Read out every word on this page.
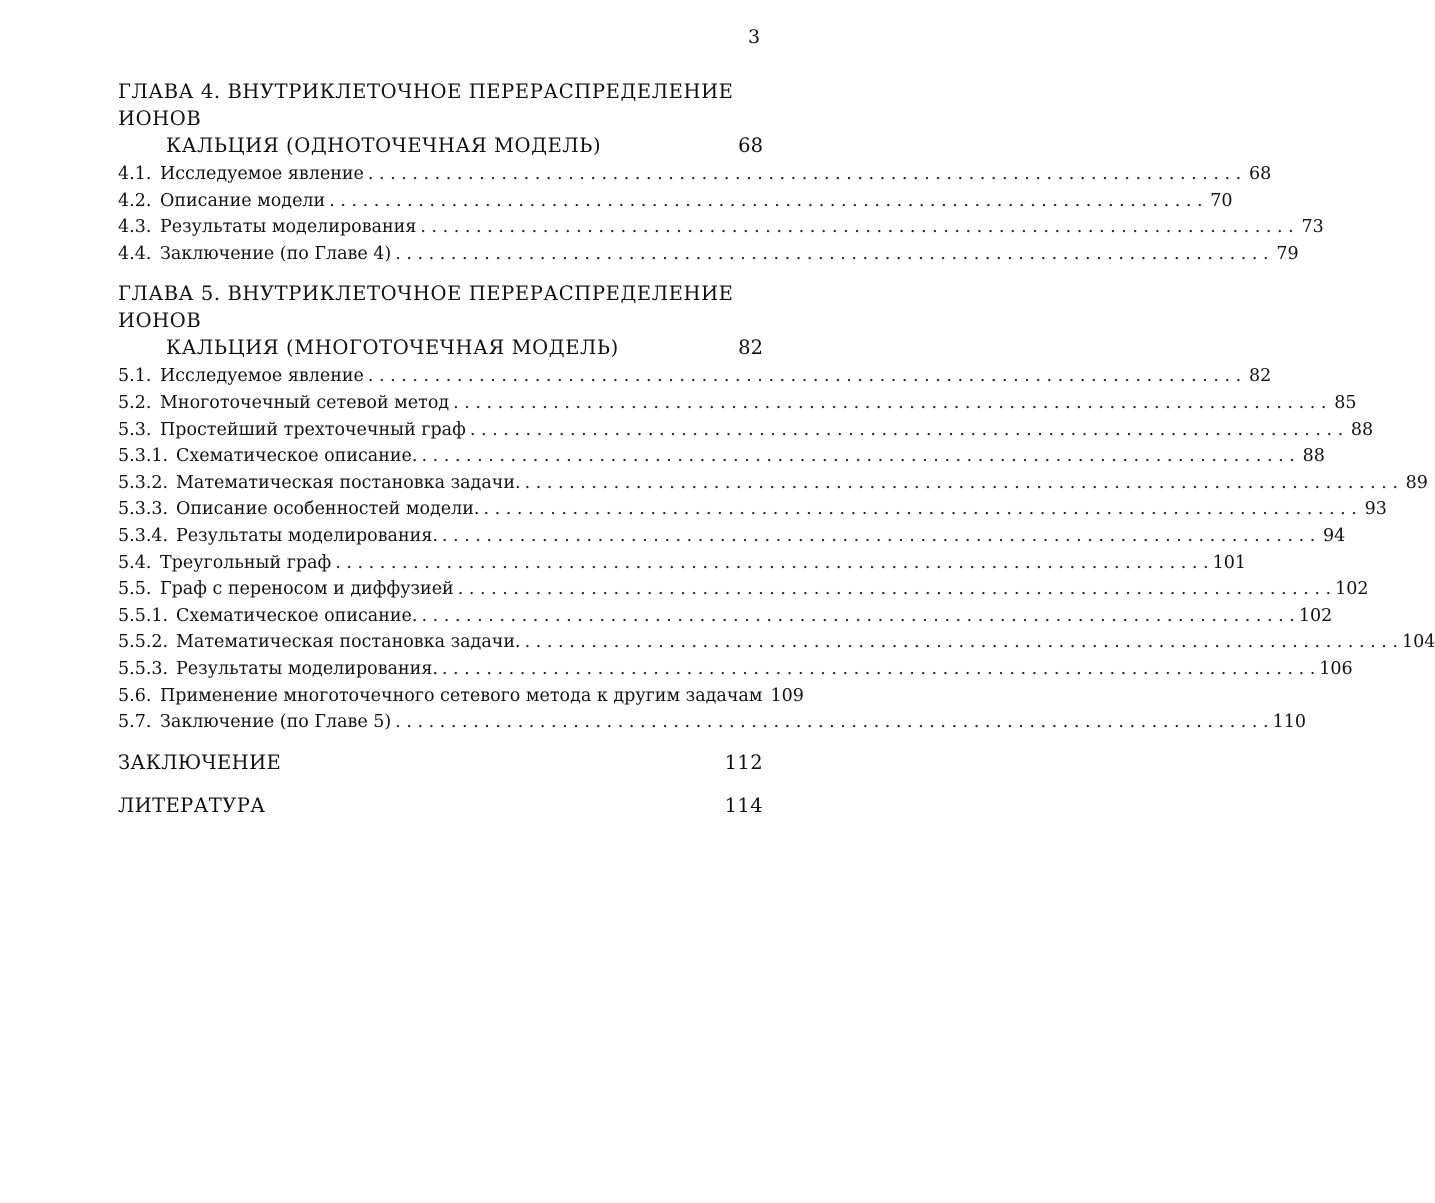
3
ГЛАВА 4. ВНУТРИКЛЕТОЧНОЕ ПЕРЕРАСПРЕДЕЛЕНИЕ ИОНОВ
КАЛЬЦИЯ (ОДНОТОЧЕЧНАЯ МОДЕЛЬ)	68
4.1. Исследуемое явление . . .	68
4.2. Описание модели . . .	70
4.3. Результаты моделирования . . .	73
4.4. Заключение (по Главе 4) . . .	79
ГЛАВА 5. ВНУТРИКЛЕТОЧНОЕ ПЕРЕРАСПРЕДЕЛЕНИЕ ИОНОВ
КАЛЬЦИЯ (МНОГОТОЧЕЧНАЯ МОДЕЛЬ)	82
5.1. Исследуемое явление . . .	82
5.2. Многоточечный сетевой метод . . .	85
5.3. Простейший трехточечный граф . . .	88
5.3.1. Схематическое описание. . . .	88
5.3.2. Математическая постановка задачи. . . .	89
5.3.3. Описание особенностей модели. . . .	93
5.3.4. Результаты моделирования. . . .	94
5.4. Треугольный граф . . .	101
5.5. Граф с переносом и диффузией . . .	102
5.5.1. Схематическое описание. . . .	102
5.5.2. Математическая постановка задачи. . . .	104
5.5.3. Результаты моделирования. . . .	106
5.6. Применение многоточечного сетевого метода к другим задачам 109
5.7. Заключение (по Главе 5) . . .	110
ЗАКЛЮЧЕНИЕ	112
ЛИТЕРАТУРА	114
